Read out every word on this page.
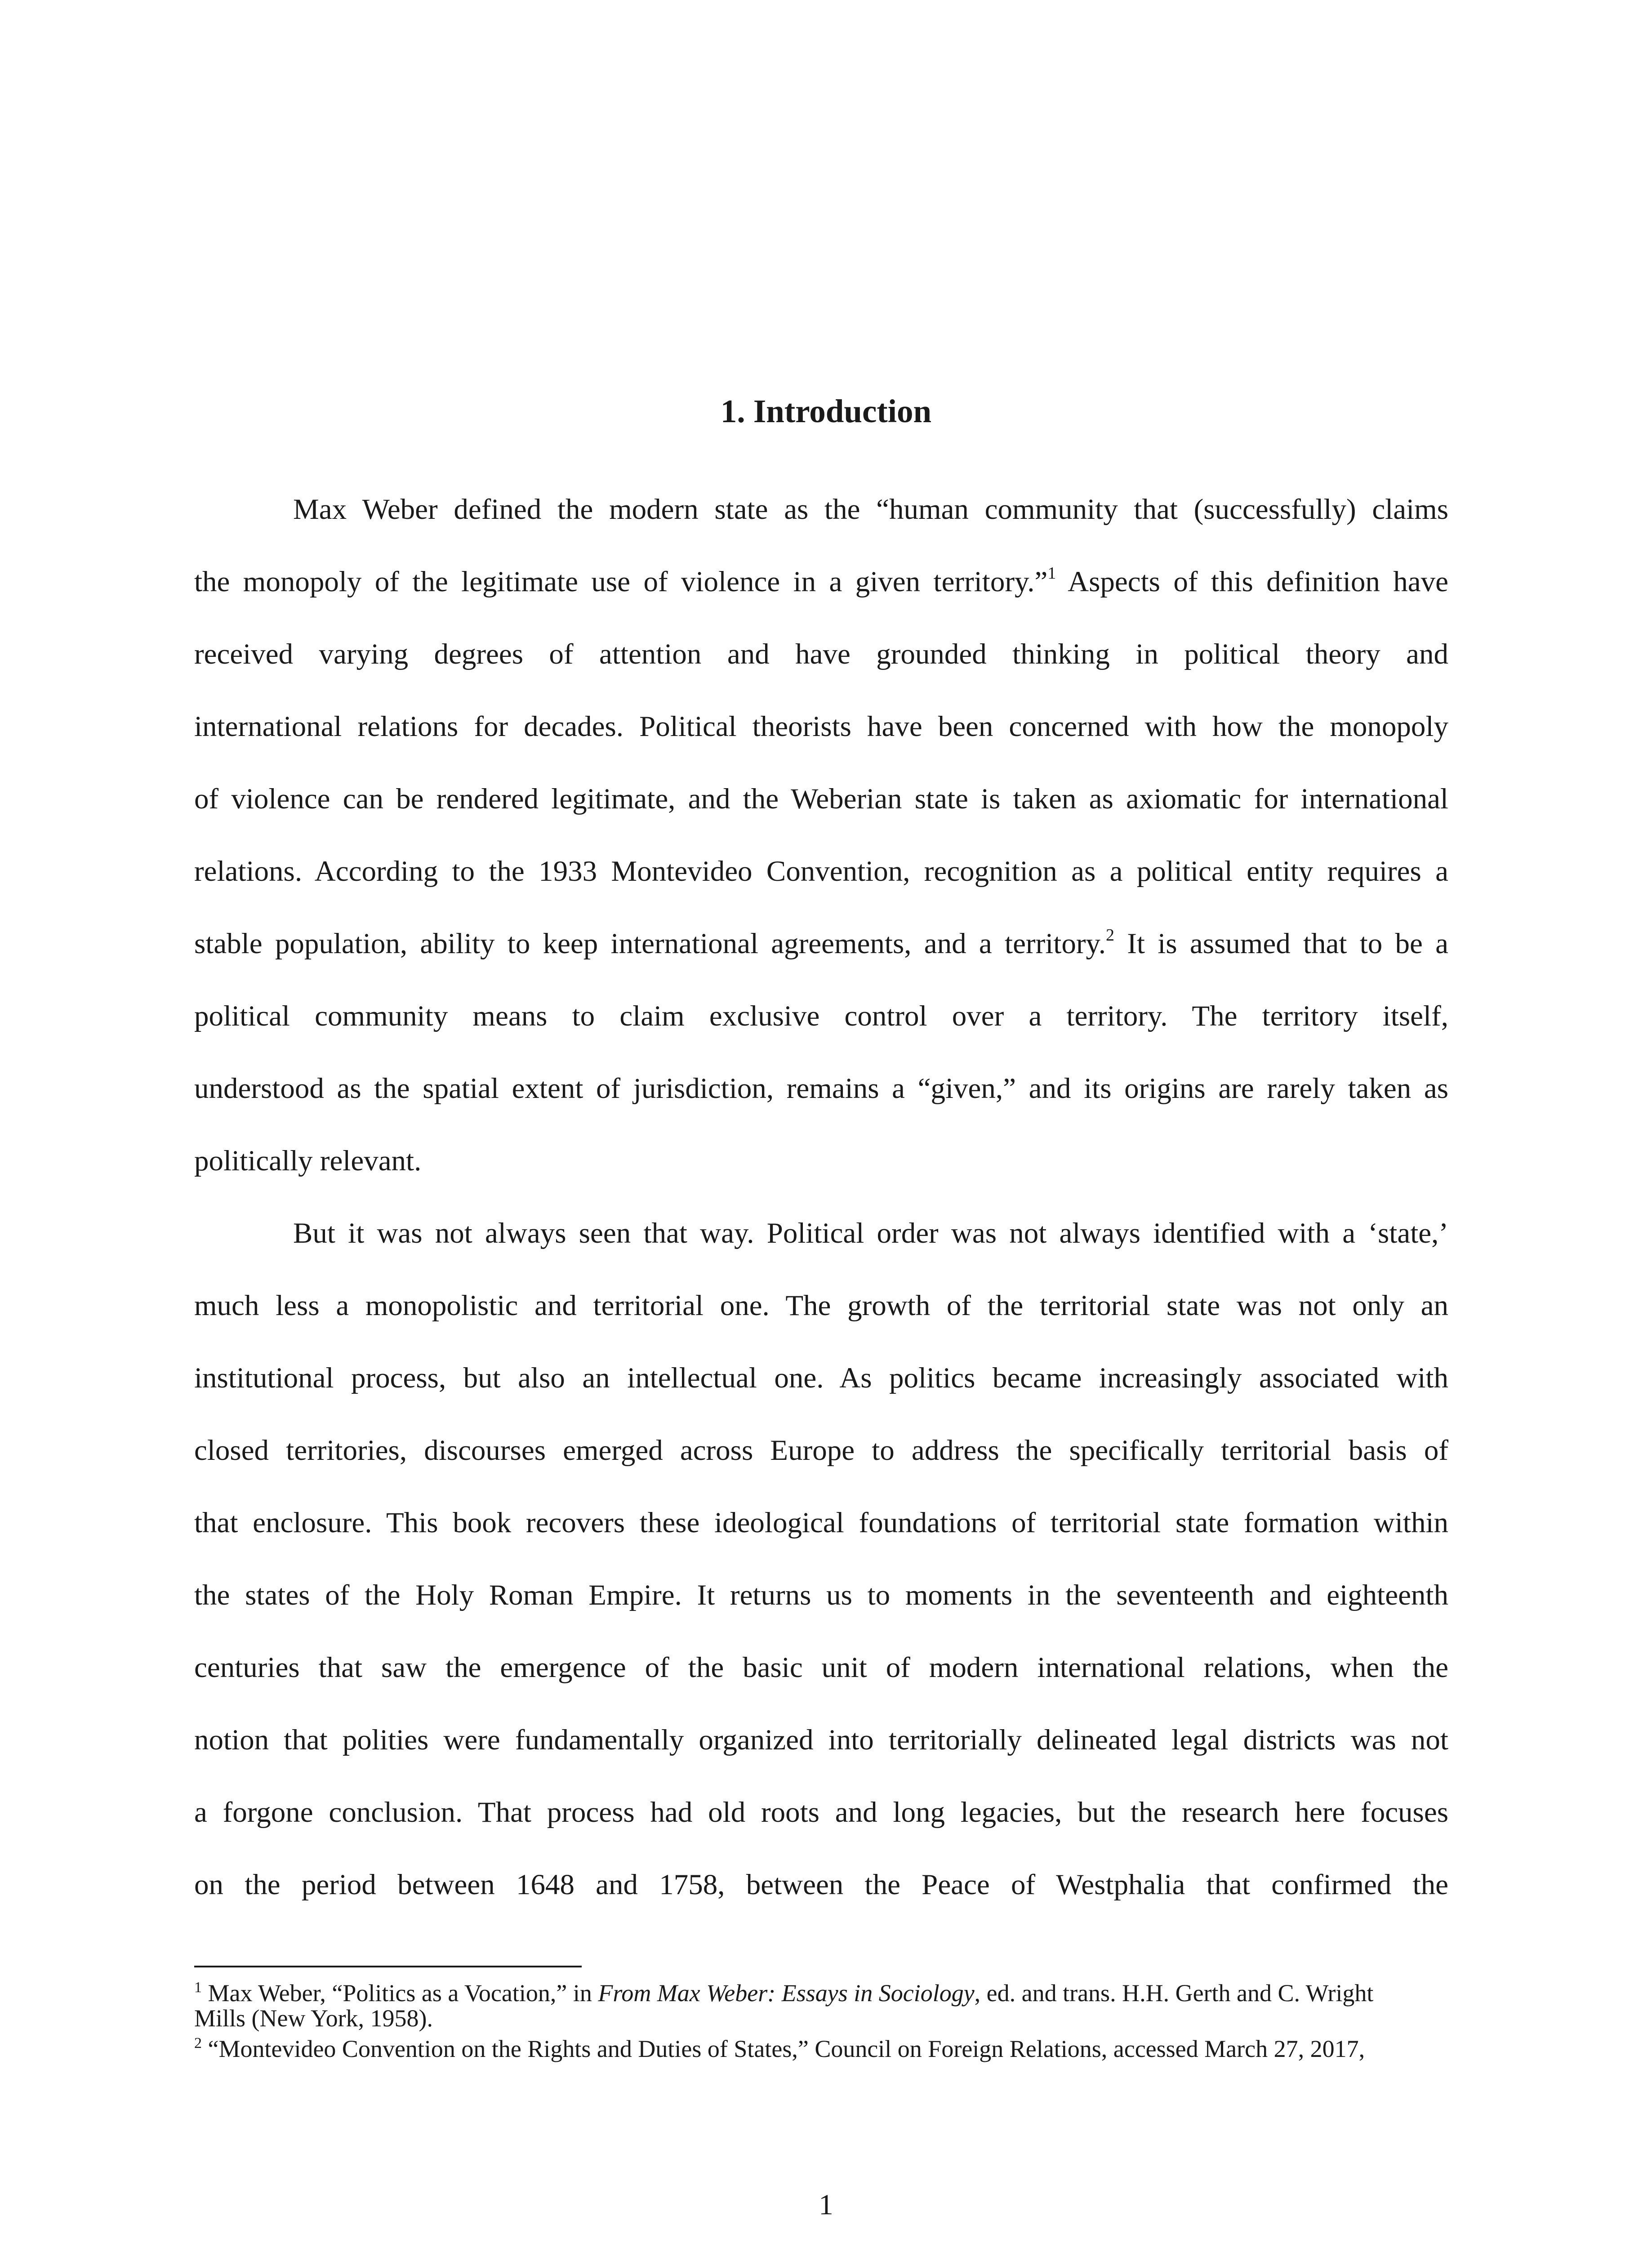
1. Introduction
Max Weber defined the modern state as the “human community that (successfully) claims
the monopoly of the legitimate use of violence in a given territory.”$^1$ Aspects of this definition have
received varying degrees of attention and have grounded thinking in political theory and
international relations for decades. Political theorists have been concerned with how the monopoly
of violence can be rendered legitimate, and the Weberian state is taken as axiomatic for international
relations. According to the 1933 Montevideo Convention, recognition as a political entity requires a
stable population, ability to keep international agreements, and a territory.$^2$ It is assumed that to be a
political community means to claim exclusive control over a territory. The territory itself,
understood as the spatial extent of jurisdiction, remains a “given,” and its origins are rarely taken as
politically relevant.
But it was not always seen that way. Political order was not always identified with a ‘state,’
much less a monopolistic and territorial one. The growth of the territorial state was not only an
institutional process, but also an intellectual one. As politics became increasingly associated with
closed territories, discourses emerged across Europe to address the specifically territorial basis of
that enclosure. This book recovers these ideological foundations of territorial state formation within
the states of the Holy Roman Empire. It returns us to moments in the seventeenth and eighteenth
centuries that saw the emergence of the basic unit of modern international relations, when the
notion that polities were fundamentally organized into territorially delineated legal districts was not
a forgone conclusion. That process had old roots and long legacies, but the research here focuses
on the period between 1648 and 1758, between the Peace of Westphalia that confirmed the

$^1$ Max Weber, “Politics as a Vocation,” in From Max Weber: Essays in Sociology, ed. and trans. H.H. Gerth and C. Wright
Mills (New York, 1958).

$^2$ “Montevideo Convention on the Rights and Duties of States,” Council on Foreign Relations, accessed March 27, 2017,

1
